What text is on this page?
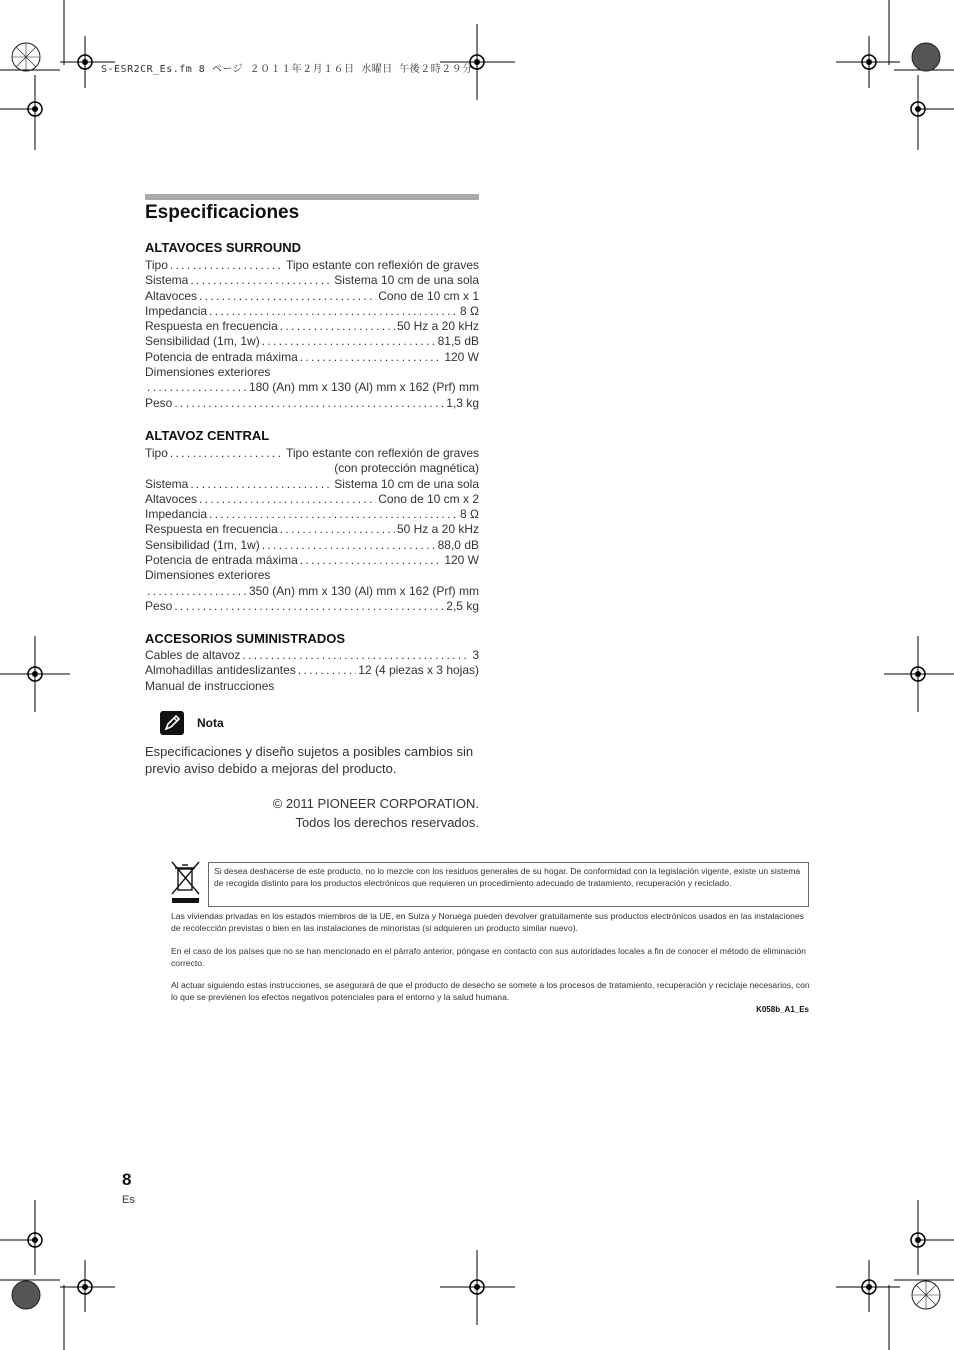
S-ESR2CR_Es.fm 8 ページ ２０１１年２月１６日 水曜日 午後２時２９分
Especificaciones
ALTAVOCES SURROUND
Tipo . . .	Tipo estante con reflexión de graves
Sistema . . .	Sistema 10 cm de una sola
Altavoces . . .	Cono de 10 cm x 1
Impedancia . . .	8 Ω
Respuesta en frecuencia . . .	50 Hz a 20 kHz
Sensibilidad (1m, 1w) . . .	81,5 dB
Potencia de entrada máxima . . .	120 W
Dimensiones exteriores
. . .
180 (An) mm x 130 (Al) mm x 162 (Prf) mm
Peso . . .	1,3 kg
ALTAVOZ CENTRAL
Tipo . . .	Tipo estante con reflexión de graves
(con protección magnética)
Sistema . . .	Sistema 10 cm de una sola
Altavoces . . .	Cono de 10 cm x 2
Impedancia . . .	8 Ω
Respuesta en frecuencia . . .	50 Hz a 20 kHz
Sensibilidad (1m, 1w) . . .	88,0 dB
Potencia de entrada máxima . . .	120 W
Dimensiones exteriores
. . .
350 (An) mm x 130 (Al) mm x 162 (Prf) mm
Peso . . .	2,5 kg
ACCESORIOS SUMINISTRADOS
Cables de altavoz . . .	3
Almohadillas antideslizantes . . .	12 (4 piezas x 3 hojas)
Manual de instrucciones
Nota
Especificaciones y diseño sujetos a posibles cambios sin previo aviso debido a mejoras del producto.
© 2011 PIONEER CORPORATION.
Todos los derechos reservados.
Si desea deshacerse de este producto, no lo mezcle con los residuos generales de su hogar. De conformidad con la legislación vigente, existe un sistema de recogida distinto para los productos electrónicos que requieren un procedimiento adecuado de tratamiento, recuperación y reciclado.
Las viviendas privadas en los estados miembros de la UE, en Suiza y Noruega pueden devolver gratuitamente sus productos electrónicos usados en las instalaciones de recolección previstas o bien en las instalaciones de minoristas (si adquieren un producto similar nuevo).
En el caso de los países que no se han mencionado en el párrafo anterior, póngase en contacto con sus autoridades locales a fin de conocer el método de eliminación correcto.
Al actuar siguiendo estas instrucciones, se asegurará de que el producto de desecho se somete a los procesos de tratamiento, recuperación y reciclaje necesarios, con lo que se previenen los efectos negativos potenciales para el entorno y la salud humana.
K058b_A1_Es
8
Es
